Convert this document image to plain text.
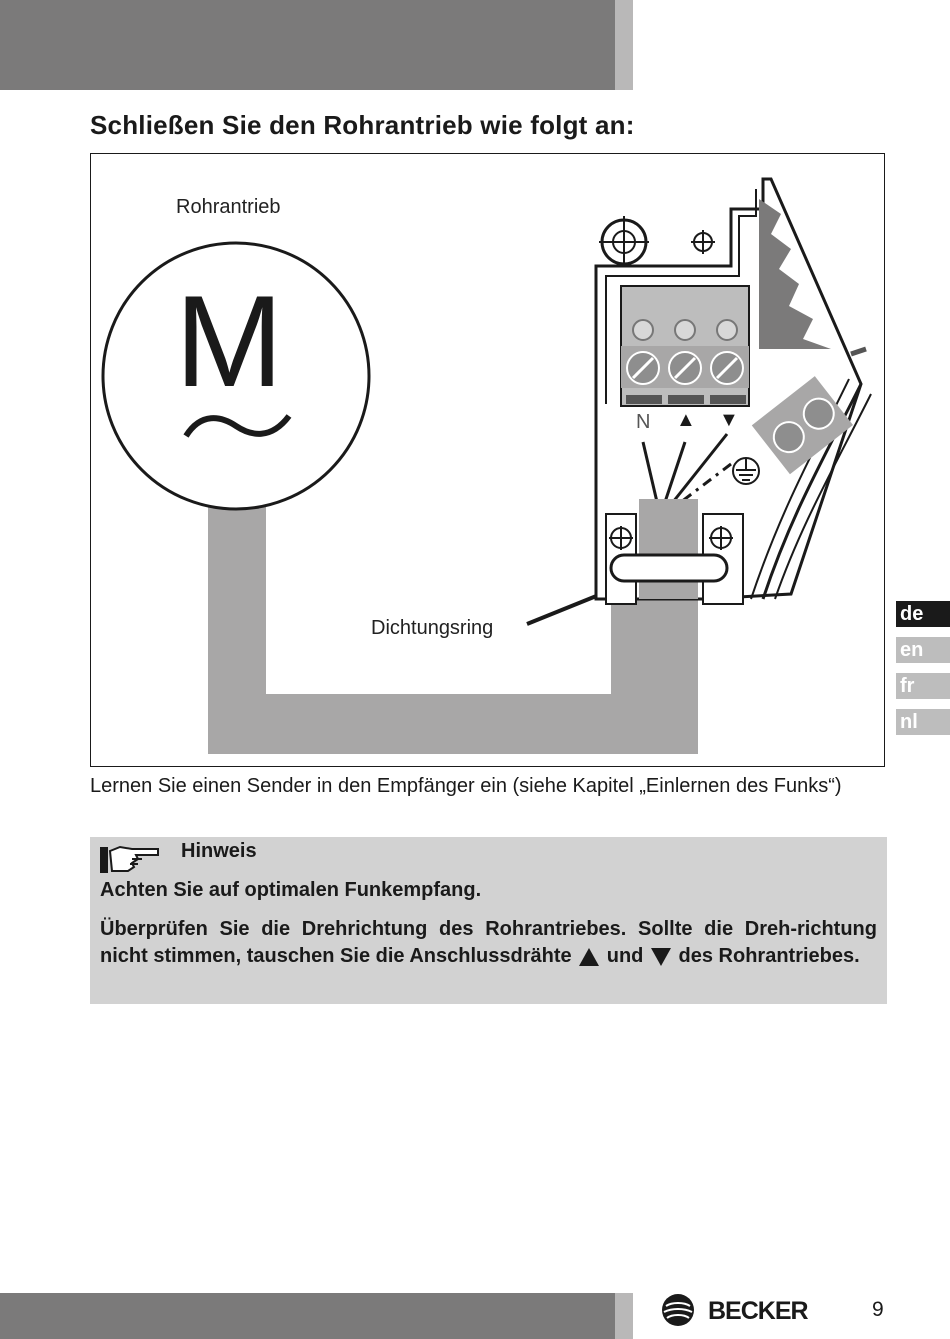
Schließen Sie den Rohrantrieb wie folgt an:
Rohrantrieb
M
Dichtungsring
N ▲ ▼

Lernen Sie einen Sender in den Empfänger ein (siehe Kapitel „Einlernen des Funks“)

Hinweis

Achten Sie auf optimalen Funkempfang.

Überprüfen Sie die Drehrichtung des Rohrantriebes. Sollte die Dreh-richtung nicht stimmen, tauschen Sie die Anschlussdrähte und des Rohrantriebes.

de
en
fr
nl
BECKER	9
